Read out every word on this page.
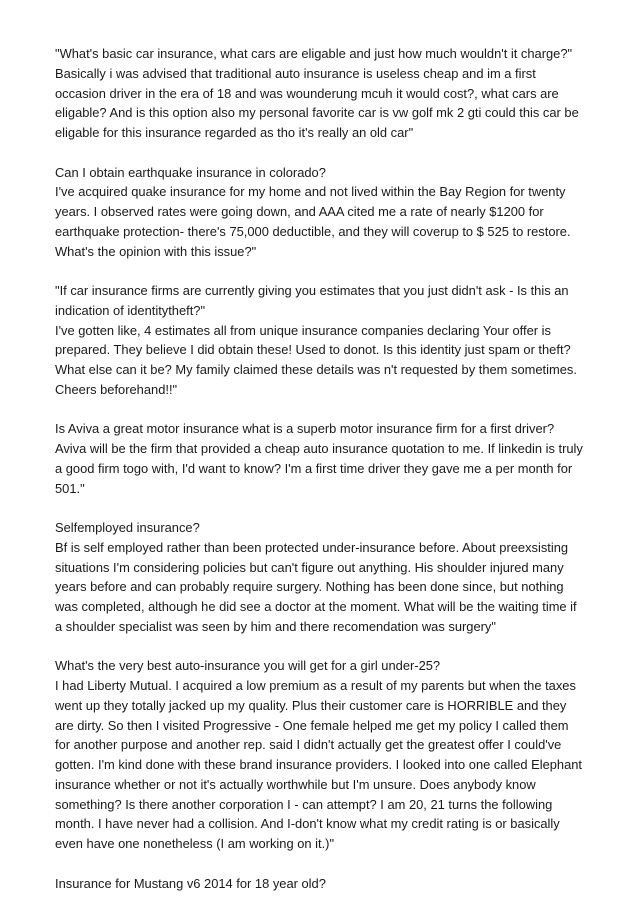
"What's basic car insurance, what cars are eligable and just how much wouldn't it charge?"

Basically i was advised that traditional auto insurance is useless cheap and im a first

occasion driver in the era of 18 and was wounderung mcuh it would cost?, what cars are

eligable? And is this option also my personal favorite car is vw golf mk 2 gti could this car be

eligable for this insurance regarded as tho it's really an old car"

Can I obtain earthquake insurance in colorado?

I've acquired quake insurance for my home and not lived within the Bay Region for twenty

years. I observed rates were going down, and AAA cited me a rate of nearly $1200 for

earthquake protection- there's 75,000 deductible, and they will coverup to $ 525 to restore.

What's the opinion with this issue?"

"If car insurance firms are currently giving you estimates that you just didn't ask - Is this an

indication of identitytheft?"

I've gotten like, 4 estimates all from unique insurance companies declaring Your offer is

prepared. They believe I did obtain these! Used to donot. Is this identity just spam or theft?

What else can it be? My family claimed these details was n't requested by them sometimes.

Cheers beforehand!!"

Is Aviva a great motor insurance what is a superb motor insurance firm for a first driver?

Aviva will be the firm that provided a cheap auto insurance quotation to me. If linkedin is truly

a good firm togo with, I'd want to know? I'm a first time driver they gave me a per month for

501."

Selfemployed insurance?

Bf is self employed rather than been protected under-insurance before. About preexsisting

situations I'm considering policies but can't figure out anything. His shoulder injured many

years before and can probably require surgery. Nothing has been done since, but nothing

was completed, although he did see a doctor at the moment. What will be the waiting time if

a shoulder specialist was seen by him and there recomendation was surgery"

What's the very best auto-insurance you will get for a girl under-25?

I had Liberty Mutual. I acquired a low premium as a result of my parents but when the taxes

went up they totally jacked up my quality. Plus their customer care is HORRIBLE and they

are dirty. So then I visited Progressive - One female helped me get my policy I called them

for another purpose and another rep. said I didn't actually get the greatest offer I could've

gotten. I'm kind done with these brand insurance providers. I looked into one called Elephant

insurance whether or not it's actually worthwhile but I'm unsure. Does anybody know

something? Is there another corporation I - can attempt? I am 20, 21 turns the following

month. I have never had a collision. And I-don't know what my credit rating is or basically

even have one nonetheless (I am working on it.)"

Insurance for Mustang v6 2014 for 18 year old?
